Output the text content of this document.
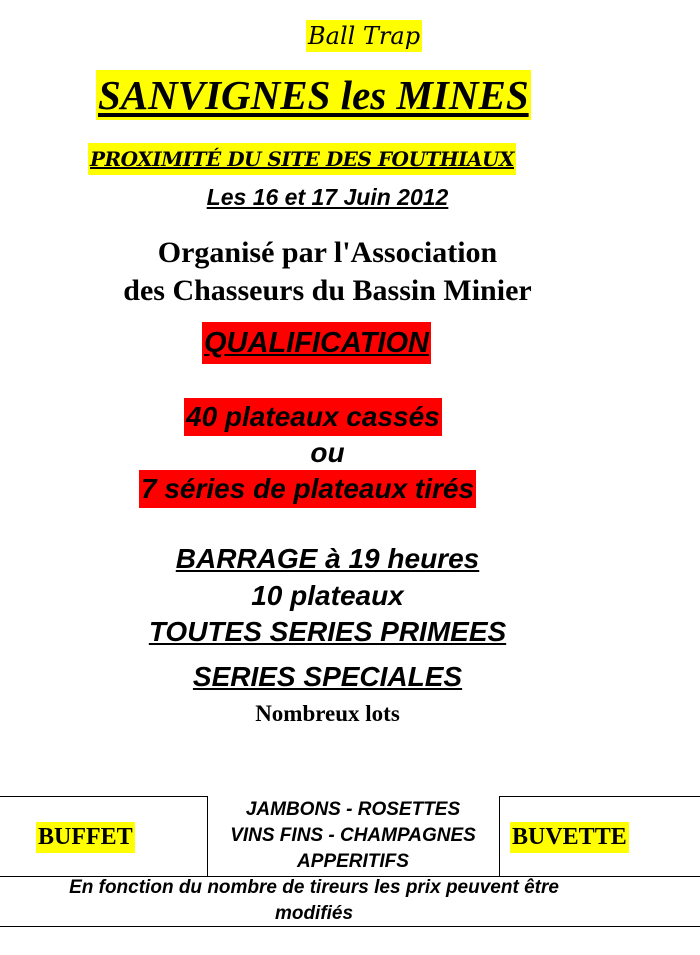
Ball Trap
SANVIGNES les MINES
PROXIMITÉ DU SITE DES FOUTHIAUX
Les 16 et 17 Juin 2012
Organisé par l'Association
des Chasseurs du Bassin Minier
QUALIFICATION
40 plateaux cassés
ou
7 séries de plateaux tirés
BARRAGE à 19 heures
10 plateaux
TOUTES SERIES PRIMEES
SERIES SPECIALES
Nombreux lots
BUFFET
JAMBONS - ROSETTES
VINS FINS - CHAMPAGNES
APPERITIFS
BUVETTE
En fonction du nombre de tireurs les prix peuvent être
modifiés
